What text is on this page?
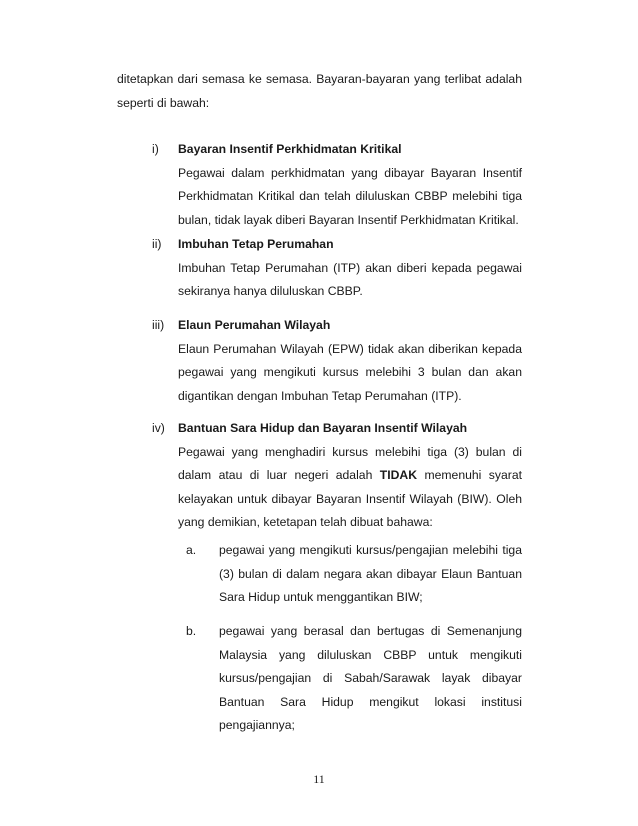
ditetapkan dari semasa ke semasa. Bayaran-bayaran yang terlibat adalah seperti di bawah:

i) Bayaran Insentif Perkhidmatan Kritikal

Pegawai dalam perkhidmatan yang dibayar Bayaran Insentif Perkhidmatan Kritikal dan telah diluluskan CBBP melebihi tiga bulan, tidak layak diberi Bayaran Insentif Perkhidmatan Kritikal.

ii) Imbuhan Tetap Perumahan

Imbuhan Tetap Perumahan (ITP) akan diberi kepada pegawai sekiranya hanya diluluskan CBBP.

iii) Elaun Perumahan Wilayah

Elaun Perumahan Wilayah (EPW) tidak akan diberikan kepada pegawai yang mengikuti kursus melebihi 3 bulan dan akan digantikan dengan Imbuhan Tetap Perumahan (ITP).

iv) Bantuan Sara Hidup dan Bayaran Insentif Wilayah

Pegawai yang menghadiri kursus melebihi tiga (3) bulan di dalam atau di luar negeri adalah TIDAK memenuhi syarat kelayakan untuk dibayar Bayaran Insentif Wilayah (BIW). Oleh yang demikian, ketetapan telah dibuat bahawa:

a. pegawai yang mengikuti kursus/pengajian melebihi tiga (3) bulan di dalam negara akan dibayar Elaun Bantuan Sara Hidup untuk menggantikan BIW;

b. pegawai yang berasal dan bertugas di Semenanjung Malaysia yang diluluskan CBBP untuk mengikuti kursus/pengajian di Sabah/Sarawak layak dibayar Bantuan Sara Hidup mengikut lokasi institusi pengajiannya;

11
